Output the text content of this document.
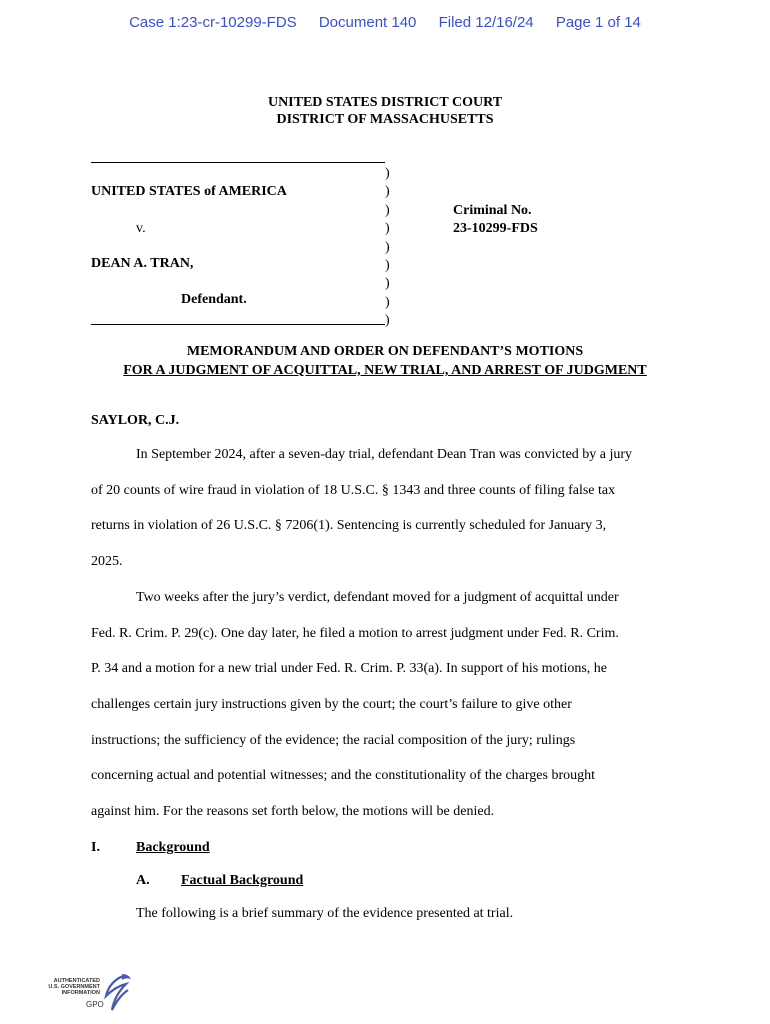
Case 1:23-cr-10299-FDS Document 140 Filed 12/16/24 Page 1 of 14
UNITED STATES DISTRICT COURT
DISTRICT OF MASSACHUSETTS
)
)
)
)
)
)
)
)
)
UNITED STATES of AMERICA
v.
DEAN A. TRAN,
Defendant.
Criminal No.
23-10299-FDS
MEMORANDUM AND ORDER ON DEFENDANT’S MOTIONS
FOR A JUDGMENT OF ACQUITTAL, NEW TRIAL, AND ARREST OF JUDGMENT
SAYLOR, C.J.
In September 2024, after a seven-day trial, defendant Dean Tran was convicted by a jury
of 20 counts of wire fraud in violation of 18 U.S.C. § 1343 and three counts of filing false tax
returns in violation of 26 U.S.C. § 7206(1). Sentencing is currently scheduled for January 3,
2025.
Two weeks after the jury’s verdict, defendant moved for a judgment of acquittal under
Fed. R. Crim. P. 29(c). One day later, he filed a motion to arrest judgment under Fed. R. Crim.
P. 34 and a motion for a new trial under Fed. R. Crim. P. 33(a). In support of his motions, he
challenges certain jury instructions given by the court; the court’s failure to give other
instructions; the sufficiency of the evidence; the racial composition of the jury; rulings
concerning actual and potential witnesses; and the constitutionality of the charges brought
against him. For the reasons set forth below, the motions will be denied.
I.	Background
A. Factual Background
The following is a brief summary of the evidence presented at trial.
AUTHENTICATED
U.S. GOVERNMENT
INFORMATION
GPO
